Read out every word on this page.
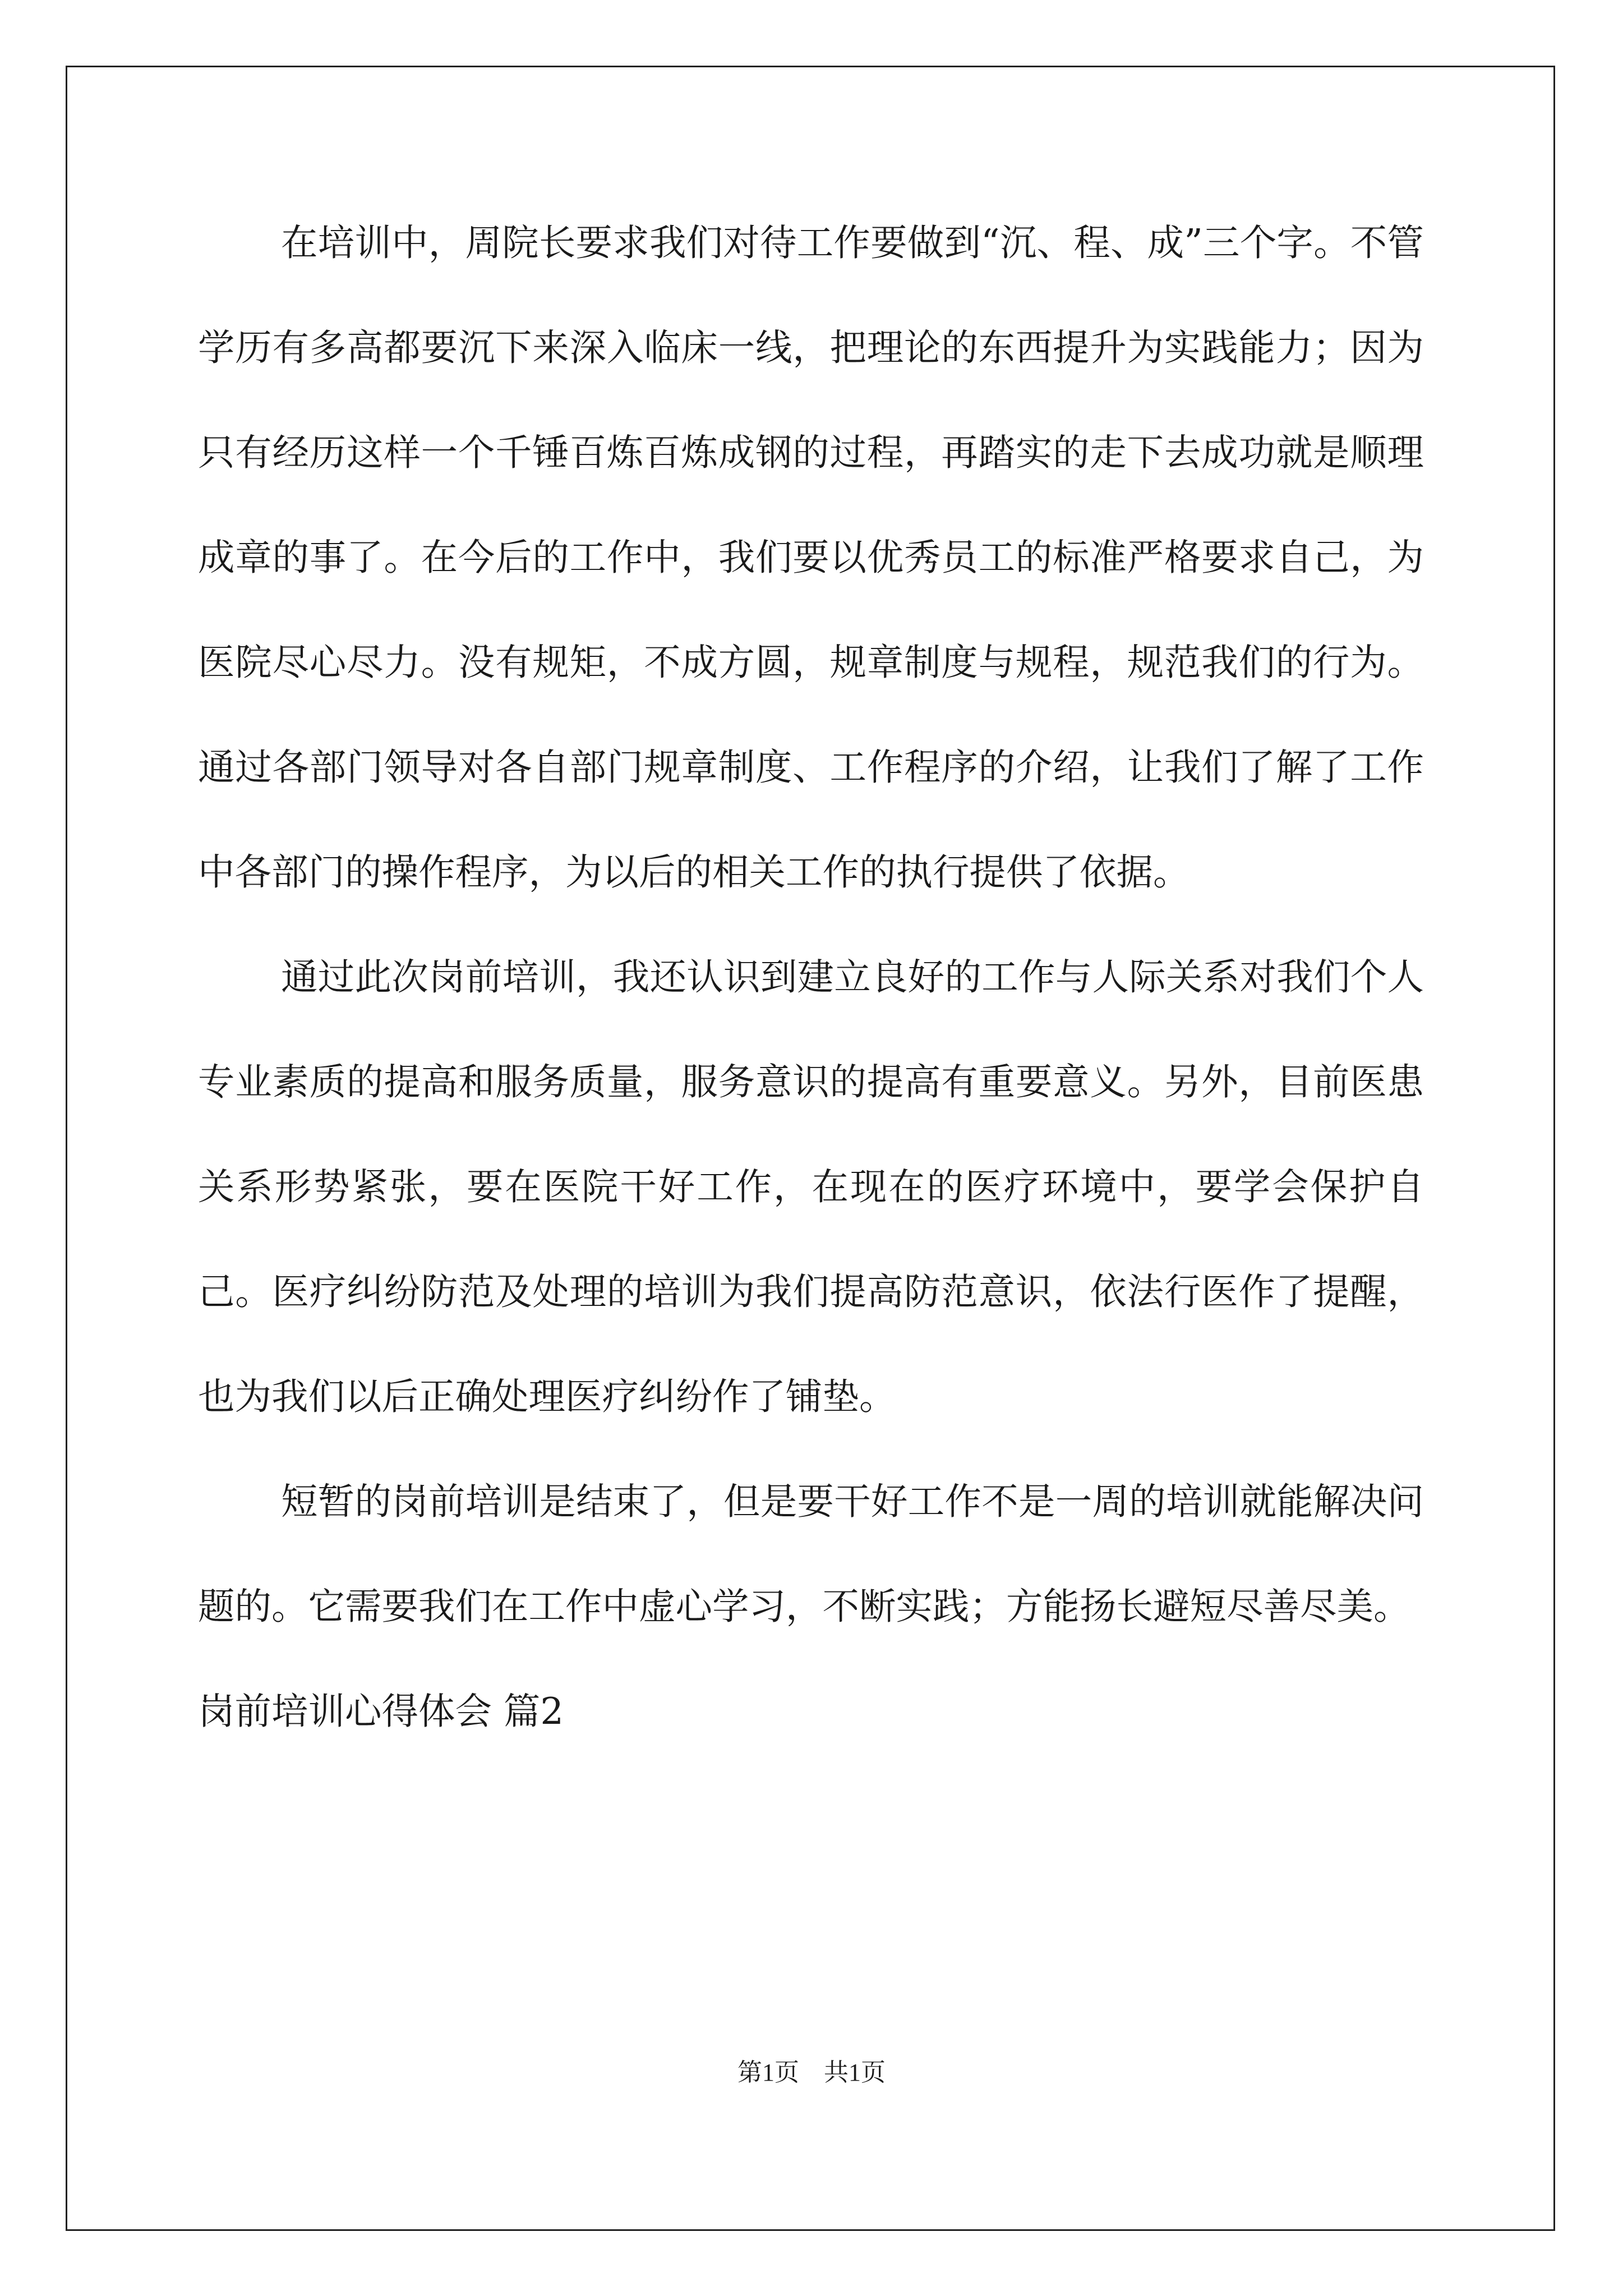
在培训中，周院长要求我们对待工作要做到“沉、程、成”三个字。不管学历有多高都要沉下来深入临床一线，把理论的东西提升为实践能力；因为只有经历这样一个千锤百炼百炼成钢的过程，再踏实的走下去成功就是顺理成章的事了。在今后的工作中，我们要以优秀员工的标准严格要求自己，为医院尽心尽力。没有规矩，不成方圆，规章制度与规程，规范我们的行为。通过各部门领导对各自部门规章制度、工作程序的介绍，让我们了解了工作中各部门的操作程序，为以后的相关工作的执行提供了依据。

通过此次岗前培训，我还认识到建立良好的工作与人际关系对我们个人专业素质的提高和服务质量，服务意识的提高有重要意义。另外，目前医患关系形势紧张，要在医院干好工作，在现在的医疗环境中，要学会保护自己。医疗纠纷防范及处理的培训为我们提高防范意识，依法行医作了提醒，也为我们以后正确处理医疗纠纷作了铺垫。

短暂的岗前培训是结束了，但是要干好工作不是一周的培训就能解决问题的。它需要我们在工作中虚心学习，不断实践；方能扬长避短尽善尽美。

岗前培训心得体会 篇2
第1页　共1页
